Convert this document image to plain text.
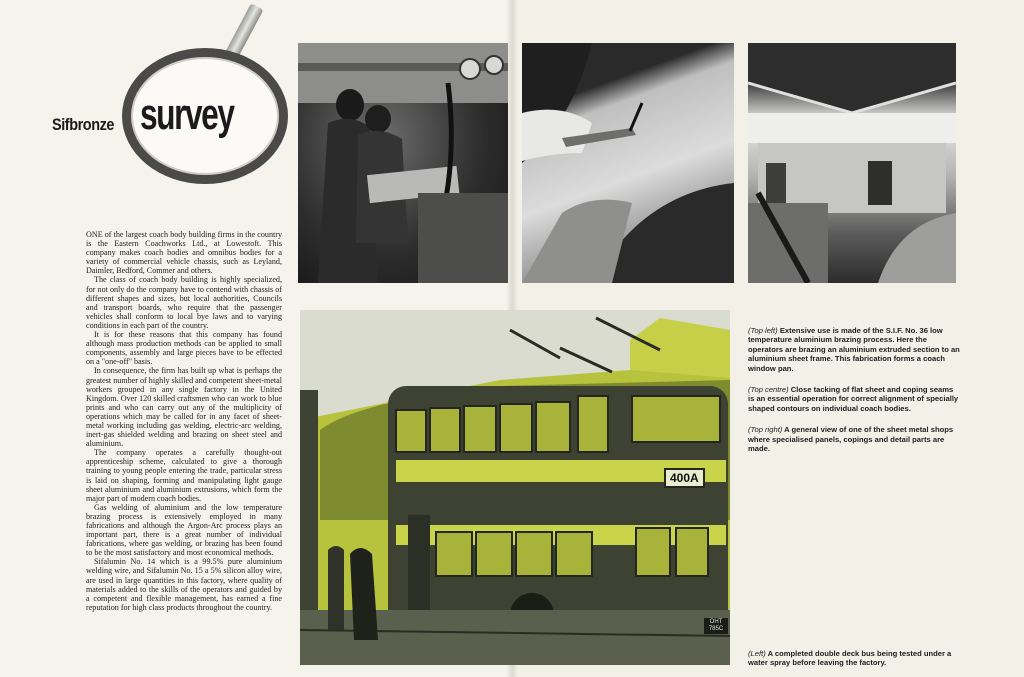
Sifbronze survey

ONE of the largest coach body building firms in the country is the Eastern Coachworks Ltd., at Lowestoft. This company makes coach bodies and omnibus bodies for a variety of commercial vehicle chassis, such as Leyland, Daimler, Bedford, Commer and others.

The class of coach body building is highly specialized, for not only do the company have to contend with chassis of different shapes and sizes, but local authorities, Councils and transport boards, who require that the passenger vehicles shall conform to local bye laws and to varying conditions in each part of the country.

It is for these reasons that this company has found although mass production methods can be applied to small components, assembly and large pieces have to be effected on a "one-off" basis.

In consequence, the firm has built up what is perhaps the greatest number of highly skilled and competent sheet-metal workers grouped in any single factory in the United Kingdom. Over 120 skilled craftsmen who can work to blue prints and who can carry out any of the multiplicity of operations which may be called for in any facet of sheet-metal working including gas welding, electric-arc welding, inert-gas shielded welding and brazing on sheet steel and aluminium.

The company operates a carefully thought-out apprenticeship scheme, calculated to give a thorough training to young people entering the trade, particular stress is laid on shaping, forming and manipulating light gauge sheet aluminium and aluminium extrusions, which form the major part of modern coach bodies.

Gas welding of aluminium and the low temperature brazing process is extensively employed in many fabrications and although the Argon-Arc process plays an important part, there is a great number of individual fabrications, where gas welding, or brazing has been found to be the most satisfactory and most economical methods.

Sifalumin No. 14 which is a 99.5% pure aluminium welding wire, and Sifalumin No. 15 a 5% silicon alloy wire, are used in large quantities in this factory, where quality of materials added to the skills of the operators and guided by a competent and flexible management, has earned a fine reputation for high class products throughout the country.

400A
OHT 785C
(Top left) Extensive use is made of the S.I.F. No. 36 low temperature aluminium brazing process. Here the operators are brazing an aluminium extruded section to an aluminium sheet frame. This fabrication forms a coach window pan.
(Top centre) Close tacking of flat sheet and coping seams is an essential operation for correct alignment of specially shaped contours on individual coach bodies.
(Top right) A general view of one of the sheet metal shops where specialised panels, copings and detail parts are made.
(Left) A completed double deck bus being tested under a water spray before leaving the factory.
